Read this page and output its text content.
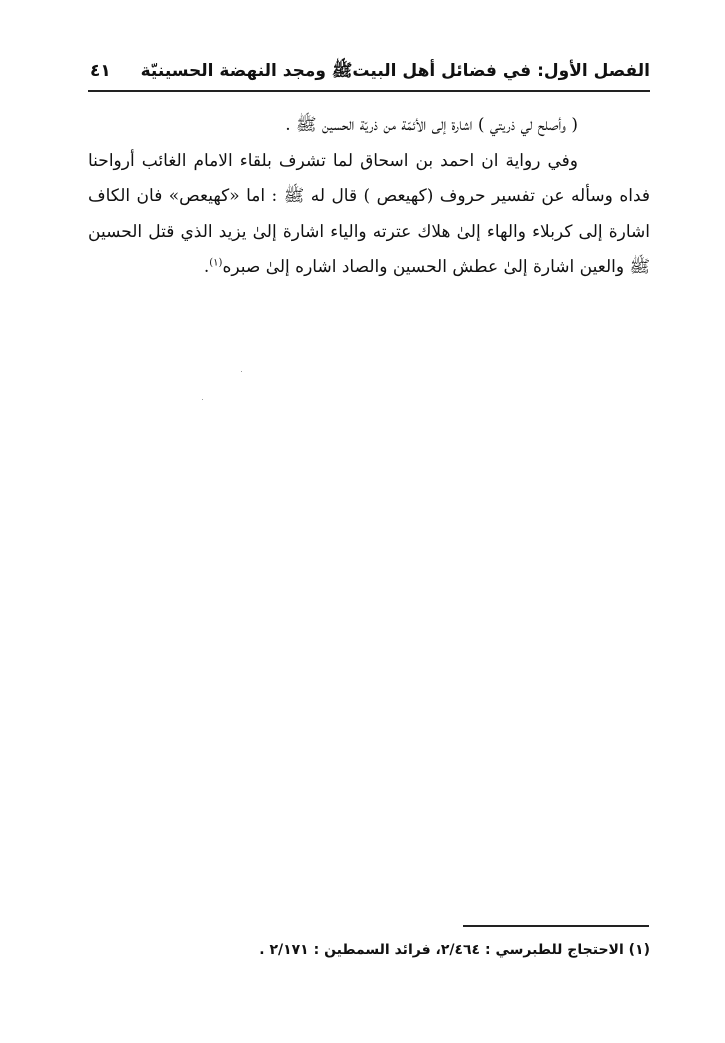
الفصل الأول: في فضائل أهل البيتﷺ ومجد النهضة الحسينيّة
٤١

( وأصلح لي ذريتي ) اشارة إلى الأئمّة من ذريّة الحسين ﷺ .

وفي رواية ان احمد بن اسحاق لما تشرف بلقاء الامام الغائب أرواحنا فداه وسأله عن تفسير حروف (كهيعص ) قال له ﷺ : اما «كهيعص» فان الكاف اشارة إلى كربلاء والهاء إلىٰ هلاك عترته والياء اشارة إلىٰ يزيد الذي قتل الحسين ﷺ والعين اشارة إلىٰ عطش الحسين والصاد اشاره إلىٰ صبره$^{(١)}$.

(١) الاحتجاج للطبرسي : ٢/٤٦٤، فرائد السمطين : ٢/١٧١ .
